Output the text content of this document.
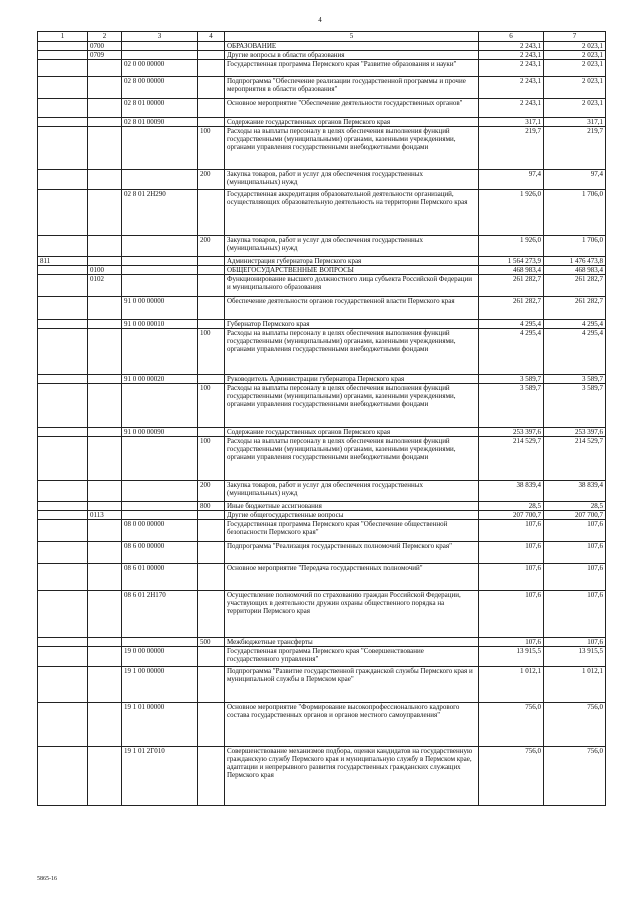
4
1	2	3	4	5	6	7
	0700			ОБРАЗОВАНИЕ	2 243,1	2 023,1
	0709			Другие вопросы в области образования	2 243,1	2 023,1
		02 0 00 00000		Государственная программа Пермского края "Развитие образования и науки"	2 243,1	2 023,1
		02 8 00 00000		Подпрограмма "Обеспечение реализации государственной программы и прочие мероприятия в области образования"	2 243,1	2 023,1
		02 8 01 00000		Основное мероприятие "Обеспечение деятельности государственных органов"	2 243,1	2 023,1
		02 8 01 00090		Содержание государственных органов Пермского края	317,1	317,1
			100	Расходы на выплаты персоналу в целях обеспечения выполнения функций государственными (муниципальными) органами, казенными учреждениями, органами управления государственными внебюджетными фондами	219,7	219,7
			200	Закупка товаров, работ и услуг для обеспечения государственных (муниципальных) нужд	97,4	97,4
		02 8 01 2Н290		Государственная аккредитация образовательной деятельности организаций, осуществляющих образовательную деятельность на территории Пермского края	1 926,0	1 706,0
			200	Закупка товаров, работ и услуг для обеспечения государственных (муниципальных) нужд	1 926,0	1 706,0
811				Администрация губернатора Пермского края	1 564 273,9	1 476 473,8
	0100			ОБЩЕГОСУДАРСТВЕННЫЕ ВОПРОСЫ	468 983,4	468 983,4
	0102			Функционирование высшего должностного лица субъекта Российской Федерации и муниципального образования	261 282,7	261 282,7
		91 0 00 00000		Обеспечение деятельности органов государственной власти Пермского края	261 282,7	261 282,7
		91 0 00 00010		Губернатор Пермского края	4 295,4	4 295,4
			100	Расходы на выплаты персоналу в целях обеспечения выполнения функций государственными (муниципальными) органами, казенными учреждениями, органами управления государственными внебюджетными фондами	4 295,4	4 295,4
		91 0 00 00020		Руководитель Администрации губернатора Пермского края	3 589,7	3 589,7
			100	Расходы на выплаты персоналу в целях обеспечения выполнения функций государственными (муниципальными) органами, казенными учреждениями, органами управления государственными внебюджетными фондами	3 589,7	3 589,7
		91 0 00 00090		Содержание государственных органов Пермского края	253 397,6	253 397,6
			100	Расходы на выплаты персоналу в целях обеспечения выполнения функций государственными (муниципальными) органами, казенными учреждениями, органами управления государственными внебюджетными фондами	214 529,7	214 529,7
			200	Закупка товаров, работ и услуг для обеспечения государственных (муниципальных) нужд	38 839,4	38 839,4
			800	Иные бюджетные ассигнования	28,5	28,5
	0113			Другие общегосударственные вопросы	207 700,7	207 700,7
		08 0 00 00000		Государственная программа Пермского края "Обеспечение общественной безопасности Пермского края"	107,6	107,6
		08 6 00 00000		Подпрограмма "Реализация государственных полномочий Пермского края"	107,6	107,6
		08 6 01 00000		Основное мероприятие "Передача государственных полномочий"	107,6	107,6
		08 6 01 2Н170		Осуществление полномочий по страхованию граждан Российской Федерации, участвующих в деятельности дружин охраны общественного порядка на территории Пермского края	107,6	107,6
			500	Межбюджетные трансферты	107,6	107,6
		19 0 00 00000		Государственная программа Пермского края "Совершенствование государственного управления"	13 915,5	13 915,5
		19 1 00 00000		Подпрограмма "Развитие государственной гражданской службы Пермского края и муниципальной службы в Пермском крае"	1 012,1	1 012,1
		19 1 01 00000		Основное мероприятие "Формирование высокопрофессионального кадрового состава государственных органов и органов местного самоуправления"	756,0	756,0
		19 1 01 2Г010		Совершенствование механизмов подбора, оценки кандидатов на государственную гражданскую службу Пермского края и муниципальную службу в Пермском крае, адаптации и непрерывного развития государственных гражданских служащих Пермского края	756,0	756,0
5865-16
